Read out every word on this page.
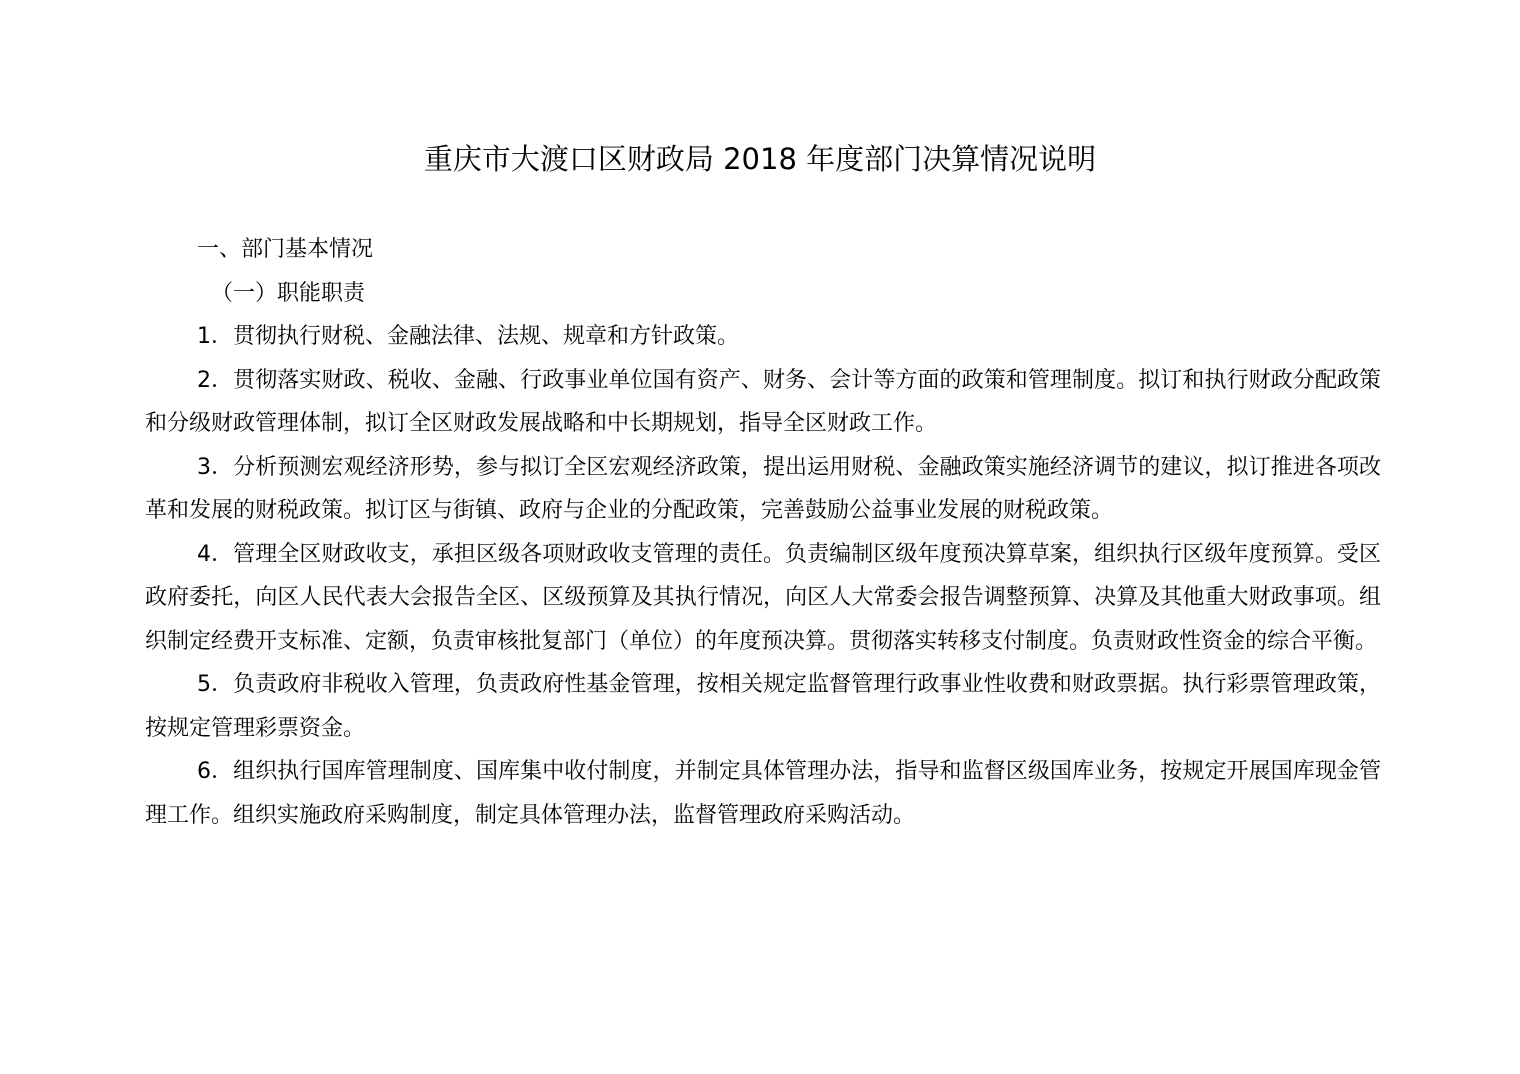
重庆市大渡口区财政局 2018 年度部门决算情况说明

一、部门基本情况

（一）职能职责

1．贯彻执行财税、金融法律、法规、规章和方针政策。

2．贯彻落实财政、税收、金融、行政事业单位国有资产、财务、会计等方面的政策和管理制度。拟订和执行财政分配政策和分级财政管理体制，拟订全区财政发展战略和中长期规划，指导全区财政工作。

3．分析预测宏观经济形势，参与拟订全区宏观经济政策，提出运用财税、金融政策实施经济调节的建议，拟订推进各项改革和发展的财税政策。拟订区与街镇、政府与企业的分配政策，完善鼓励公益事业发展的财税政策。

4．管理全区财政收支，承担区级各项财政收支管理的责任。负责编制区级年度预决算草案，组织执行区级年度预算。受区政府委托，向区人民代表大会报告全区、区级预算及其执行情况，向区人大常委会报告调整预算、决算及其他重大财政事项。组织制定经费开支标准、定额，负责审核批复部门（单位）的年度预决算。贯彻落实转移支付制度。负责财政性资金的综合平衡。

5．负责政府非税收入管理，负责政府性基金管理，按相关规定监督管理行政事业性收费和财政票据。执行彩票管理政策，按规定管理彩票资金。

6．组织执行国库管理制度、国库集中收付制度，并制定具体管理办法，指导和监督区级国库业务，按规定开展国库现金管理工作。组织实施政府采购制度，制定具体管理办法，监督管理政府采购活动。
